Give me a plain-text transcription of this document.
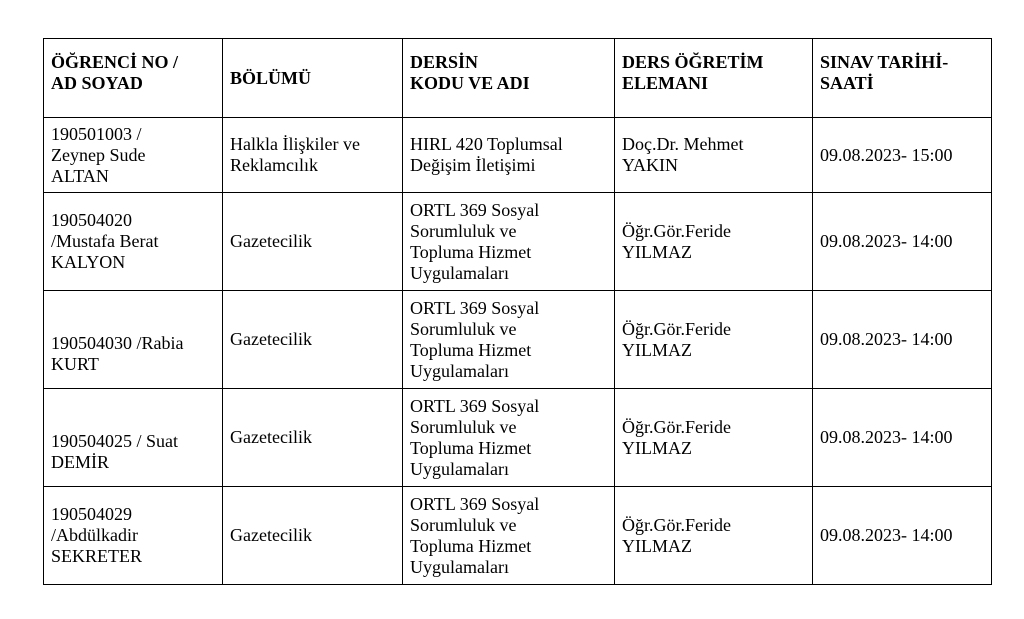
ÖĞRENCİ NO /
AD SOYAD	BÖLÜMÜ	DERSİN
KODU VE ADI	DERS ÖĞRETİM
ELEMANI	SINAV TARİHİ-
SAATİ

190501003 /
Zeynep Sude
ALTAN	Halkla İlişkiler ve
Reklamcılık	HIRL 420 Toplumsal
Değişim İletişimi	Doç.Dr. Mehmet
YAKIN	09.08.2023- 15:00

190504020
/Mustafa Berat
KALYON	Gazetecilik	ORTL 369 Sosyal
Sorumluluk ve
Topluma Hizmet
Uygulamaları	Öğr.Gör.Feride
YILMAZ	09.08.2023- 14:00

190504030 /Rabia
KURT	Gazetecilik	ORTL 369 Sosyal
Sorumluluk ve
Topluma Hizmet
Uygulamaları	Öğr.Gör.Feride
YILMAZ	09.08.2023- 14:00

190504025 / Suat
DEMİR	Gazetecilik	ORTL 369 Sosyal
Sorumluluk ve
Topluma Hizmet
Uygulamaları	Öğr.Gör.Feride
YILMAZ	09.08.2023- 14:00

190504029
/Abdülkadir
SEKRETER	Gazetecilik	ORTL 369 Sosyal
Sorumluluk ve
Topluma Hizmet
Uygulamaları	Öğr.Gör.Feride
YILMAZ	09.08.2023- 14:00
